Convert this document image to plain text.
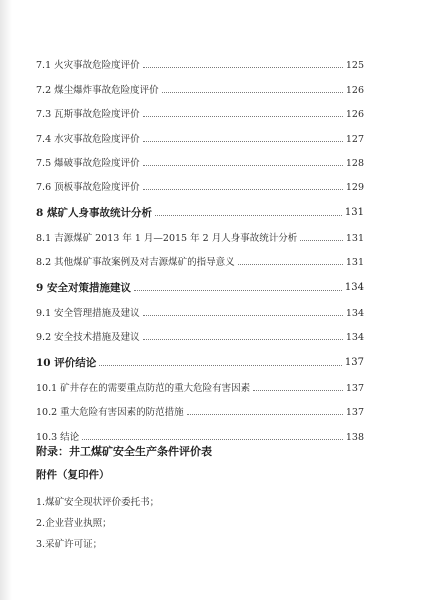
7.1 火灾事故危险度评价	125
7.2 煤尘爆炸事故危险度评价	126
7.3 瓦斯事故危险度评价	126
7.4 水灾事故危险度评价	127
7.5 爆破事故危险度评价	128
7.6 顶板事故危险度评价	129
8 煤矿人身事故统计分析	131
8.1 吉源煤矿 2013 年 1 月—2015 年 2 月人身事故统计分析	131
8.2 其他煤矿事故案例及对吉源煤矿的指导意义	131
9 安全对策措施建议	134
9.1 安全管理措施及建议	134
9.2 安全技术措施及建议	134
10 评价结论	137
10.1 矿井存在的需要重点防范的重大危险有害因素	137
10.2 重大危险有害因素的防范措施	137
10.3 结论	138
附录：井工煤矿安全生产条件评价表
附件（复印件）
1.煤矿安全现状评价委托书；
2.企业营业执照；
3.采矿许可证；
